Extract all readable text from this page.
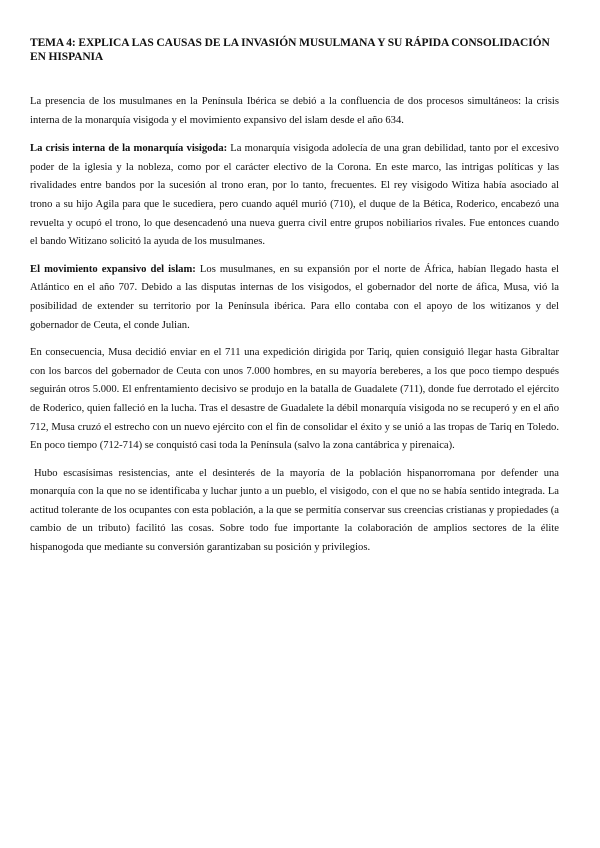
TEMA 4: EXPLICA LAS CAUSAS DE LA INVASIÓN MUSULMANA Y SU RÁPIDA CONSOLIDACIÓN EN HISPANIA

La presencia de los musulmanes en la Península Ibérica se debió a la confluencia de dos procesos simultáneos: la crisis interna de la monarquía visigoda y el movimiento expansivo del islam desde el año 634.

La crisis interna de la monarquía visigoda: La monarquía visigoda adolecía de una gran debilidad, tanto por el excesivo poder de la iglesia y la nobleza, como por el carácter electivo de la Corona. En este marco, las intrigas políticas y las rivalidades entre bandos por la sucesión al trono eran, por lo tanto, frecuentes. El rey visigodo Witiza había asociado al trono a su hijo Agila para que le sucediera, pero cuando aquél murió (710), el duque de la Bética, Roderico, encabezó una revuelta y ocupó el trono, lo que desencadenó una nueva guerra civil entre grupos nobiliarios rivales. Fue entonces cuando el bando Witizano solicitó la ayuda de los musulmanes.

El movimiento expansivo del islam: Los musulmanes, en su expansión por el norte de África, habían llegado hasta el Atlántico en el año 707. Debido a las disputas internas de los visigodos, el gobernador del norte de áfica, Musa, vió la posibilidad de extender su territorio por la Península ibérica. Para ello contaba con el apoyo de los witizanos y del gobernador de Ceuta, el conde Julian.

En consecuencia, Musa decidió enviar en el 711 una expedición dirigida por Tariq, quien consiguió llegar hasta Gibraltar con los barcos del gobernador de Ceuta con unos 7.000 hombres, en su mayoría bereberes, a los que poco tiempo después seguirán otros 5.000. El enfrentamiento decisivo se produjo en la batalla de Guadalete (711), donde fue derrotado el ejército de Roderico, quien falleció en la lucha. Tras el desastre de Guadalete la débil monarquía visigoda no se recuperó y en el año 712, Musa cruzó el estrecho con un nuevo ejército con el fin de consolidar el éxito y se unió a las tropas de Tariq en Toledo. En poco tiempo (712-714) se conquistó casi toda la Península (salvo la zona cantábrica y pirenaica).

Hubo escasísimas resistencias, ante el desinterés de la mayoría de la población hispanorromana por defender una monarquía con la que no se identificaba y luchar junto a un pueblo, el visigodo, con el que no se había sentido integrada. La actitud tolerante de los ocupantes con esta población, a la que se permitía conservar sus creencias cristianas y propiedades (a cambio de un tributo) facilitó las cosas. Sobre todo fue importante la colaboración de amplios sectores de la élite hispanogoda que mediante su conversión garantizaban su posición y privilegios.
